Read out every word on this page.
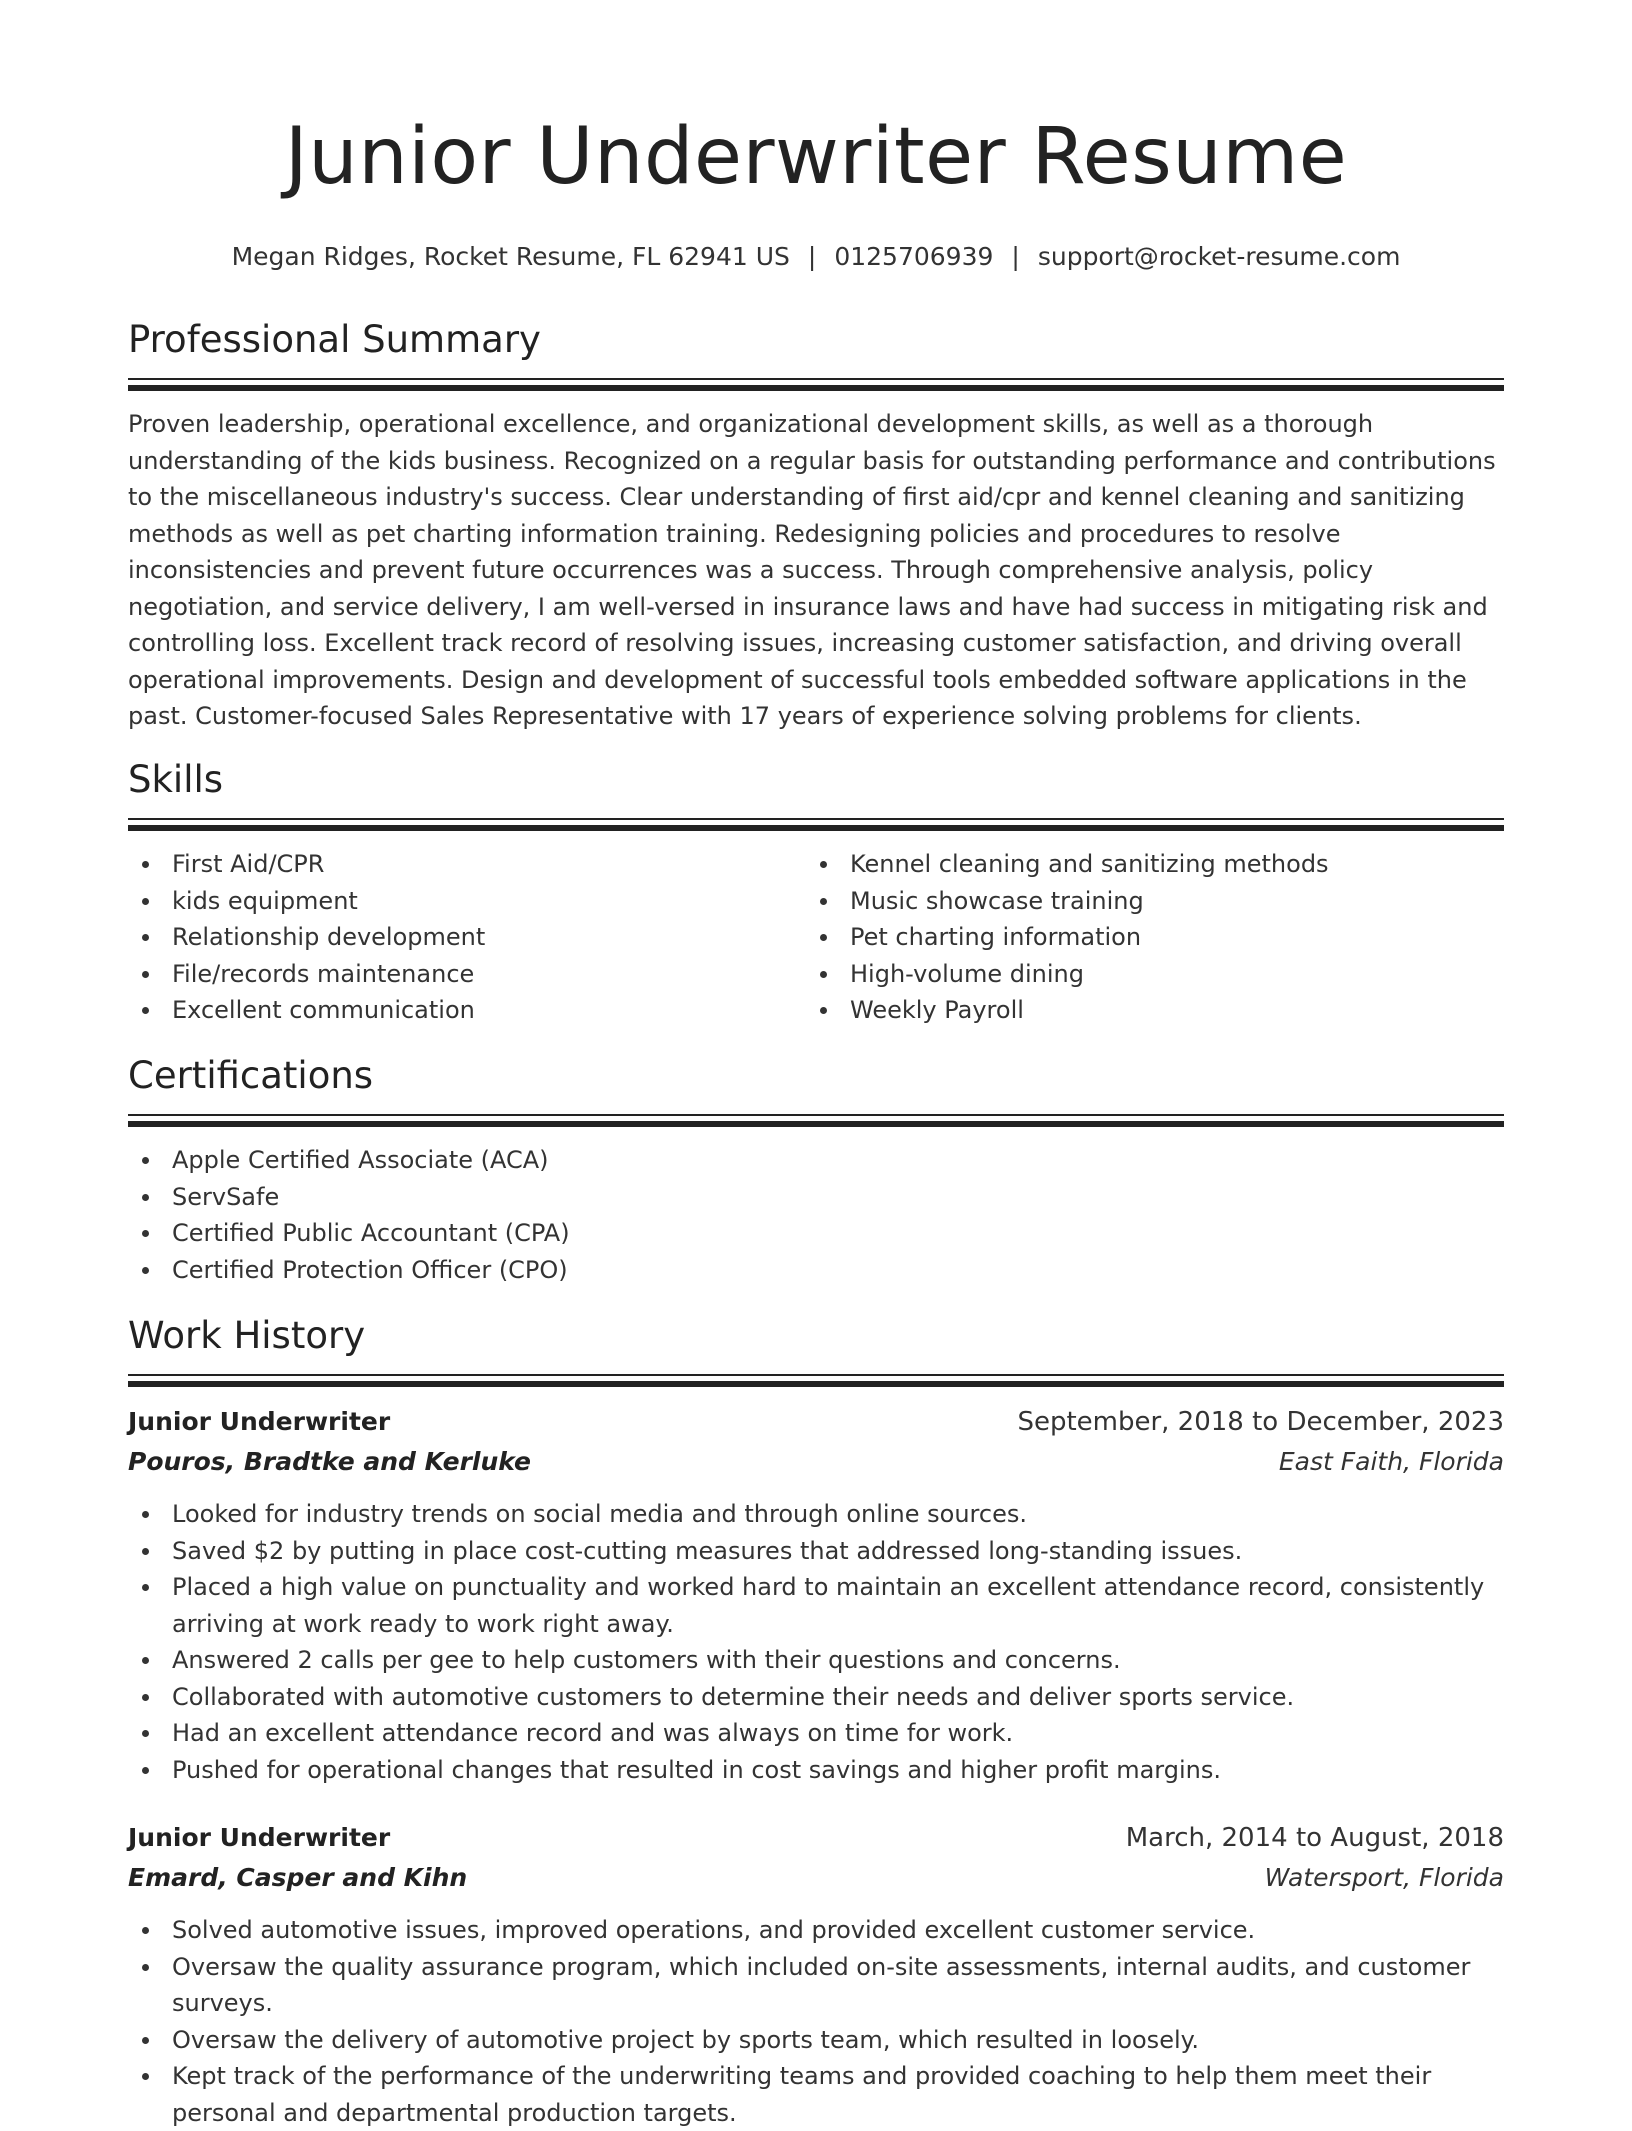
Junior Underwriter Resume
Megan Ridges, Rocket Resume, FL 62941 US | 0125706939 | support@rocket-resume.com
Professional Summary

Proven leadership, operational excellence, and organizational development skills, as well as a thorough understanding of the kids business. Recognized on a regular basis for outstanding performance and contributions to the miscellaneous industry's success. Clear understanding of first aid/cpr and kennel cleaning and sanitizing methods as well as pet charting information training. Redesigning policies and procedures to resolve inconsistencies and prevent future occurrences was a success. Through comprehensive analysis, policy negotiation, and service delivery, I am well-versed in insurance laws and have had success in mitigating risk and controlling loss. Excellent track record of resolving issues, increasing customer satisfaction, and driving overall operational improvements. Design and development of successful tools embedded software applications in the past. Customer-focused Sales Representative with 17 years of experience solving problems for clients.

Skills
First Aid/CPR
kids equipment
Relationship development
File/records maintenance
Excellent communication
Kennel cleaning and sanitizing methods
Music showcase training
Pet charting information
High-volume dining
Weekly Payroll
Certifications
Apple Certified Associate (ACA)
ServSafe
Certified Public Accountant (CPA)
Certified Protection Officer (CPO)
Work History
Junior Underwriter	September, 2018 to December, 2023
Pouros, Bradtke and Kerluke	East Faith, Florida
Looked for industry trends on social media and through online sources.
Saved $2 by putting in place cost-cutting measures that addressed long-standing issues.
Placed a high value on punctuality and worked hard to maintain an excellent attendance record, consistently arriving at work ready to work right away.
Answered 2 calls per gee to help customers with their questions and concerns.
Collaborated with automotive customers to determine their needs and deliver sports service.
Had an excellent attendance record and was always on time for work.
Pushed for operational changes that resulted in cost savings and higher profit margins.
Junior Underwriter	March, 2014 to August, 2018
Emard, Casper and Kihn	Watersport, Florida
Solved automotive issues, improved operations, and provided excellent customer service.
Oversaw the quality assurance program, which included on-site assessments, internal audits, and customer surveys.
Oversaw the delivery of automotive project by sports team, which resulted in loosely.
Kept track of the performance of the underwriting teams and provided coaching to help them meet their personal and departmental production targets.
